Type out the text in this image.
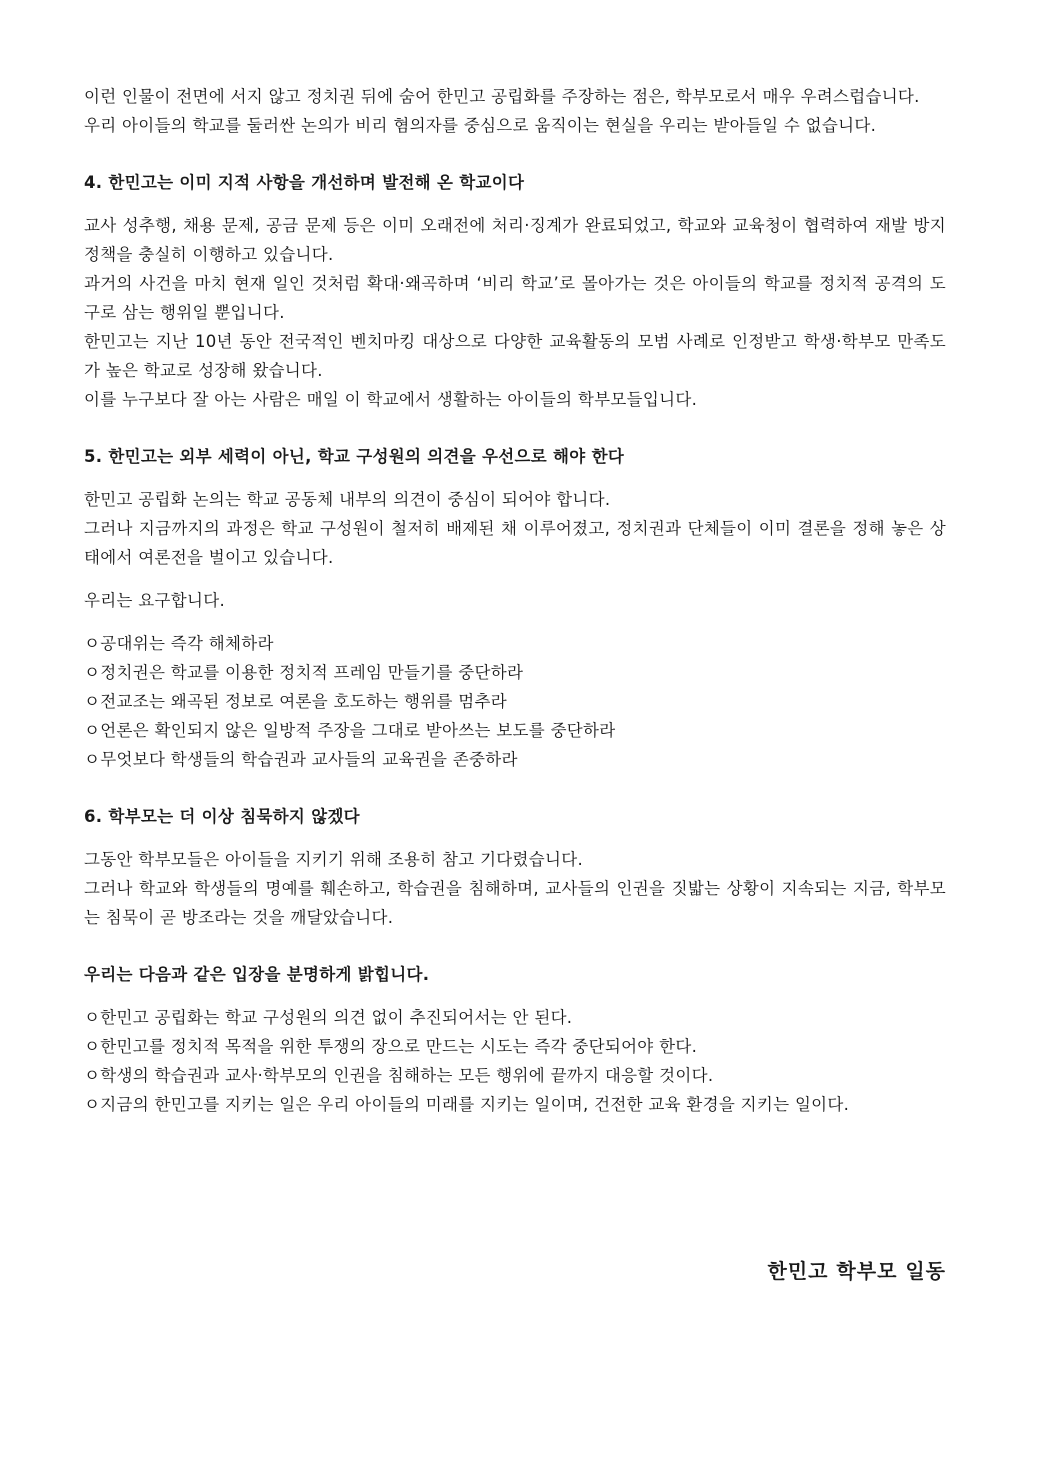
이런 인물이 전면에 서지 않고 정치권 뒤에 숨어 한민고 공립화를 주장하는 점은, 학부모로서 매우 우려스럽습니다.

우리 아이들의 학교를 둘러싼 논의가 비리 혐의자를 중심으로 움직이는 현실을 우리는 받아들일 수 없습니다.

4. 한민고는 이미 지적 사항을 개선하며 발전해 온 학교이다

교사 성추행, 채용 문제, 공금 문제 등은 이미 오래전에 처리·징계가 완료되었고, 학교와 교육청이 협력하여 재발 방지 정책을 충실히 이행하고 있습니다.

과거의 사건을 마치 현재 일인 것처럼 확대·왜곡하며 ‘비리 학교’로 몰아가는 것은 아이들의 학교를 정치적 공격의 도구로 삼는 행위일 뿐입니다.

한민고는 지난 10년 동안 전국적인 벤치마킹 대상으로 다양한 교육활동의 모범 사례로 인정받고 학생·학부모 만족도가 높은 학교로 성장해 왔습니다.

이를 누구보다 잘 아는 사람은 매일 이 학교에서 생활하는 아이들의 학부모들입니다.

5. 한민고는 외부 세력이 아닌, 학교 구성원의 의견을 우선으로 해야 한다

한민고 공립화 논의는 학교 공동체 내부의 의견이 중심이 되어야 합니다.

그러나 지금까지의 과정은 학교 구성원이 철저히 배제된 채 이루어졌고, 정치권과 단체들이 이미 결론을 정해 놓은 상태에서 여론전을 벌이고 있습니다.

우리는 요구합니다.

ㅇ공대위는 즉각 해체하라

ㅇ정치권은 학교를 이용한 정치적 프레임 만들기를 중단하라

ㅇ전교조는 왜곡된 정보로 여론을 호도하는 행위를 멈추라

ㅇ언론은 확인되지 않은 일방적 주장을 그대로 받아쓰는 보도를 중단하라

ㅇ무엇보다 학생들의 학습권과 교사들의 교육권을 존중하라

6. 학부모는 더 이상 침묵하지 않겠다

그동안 학부모들은 아이들을 지키기 위해 조용히 참고 기다렸습니다.

그러나 학교와 학생들의 명예를 훼손하고, 학습권을 침해하며, 교사들의 인권을 짓밟는 상황이 지속되는 지금, 학부모는 침묵이 곧 방조라는 것을 깨달았습니다.

우리는 다음과 같은 입장을 분명하게 밝힙니다.

ㅇ한민고 공립화는 학교 구성원의 의견 없이 추진되어서는 안 된다.

ㅇ한민고를 정치적 목적을 위한 투쟁의 장으로 만드는 시도는 즉각 중단되어야 한다.

ㅇ학생의 학습권과 교사·학부모의 인권을 침해하는 모든 행위에 끝까지 대응할 것이다.

ㅇ지금의 한민고를 지키는 일은 우리 아이들의 미래를 지키는 일이며, 건전한 교육 환경을 지키는 일이다.

한민고 학부모 일동
